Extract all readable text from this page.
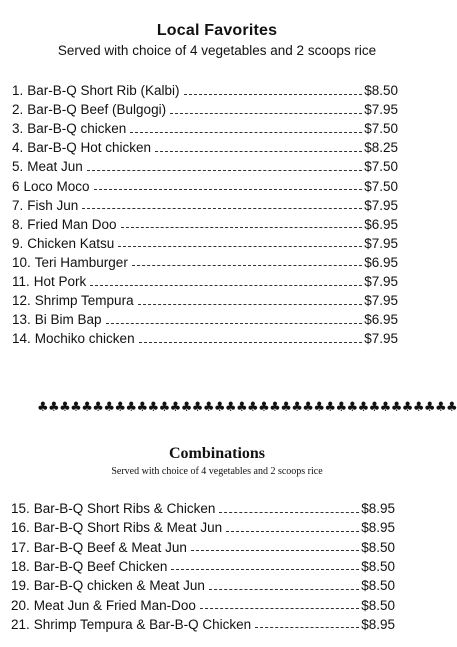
Local Favorites
Served with choice of 4 vegetables and 2 scoops rice
1. Bar-B-Q Short Rib (Kalbi)	$8.50
2. Bar-B-Q Beef (Bulgogi)	$7.95
3. Bar-B-Q chicken	$7.50
4. Bar-B-Q Hot chicken	$8.25
5. Meat Jun	$7.50
6 Loco Moco	$7.50
7. Fish Jun	$7.95
8. Fried Man Doo	$6.95
9. Chicken Katsu	$7.95
10. Teri Hamburger	$6.95
11. Hot Pork	$7.95
12. Shrimp Tempura	$7.95
13. Bi Bim Bap	$6.95
14. Mochiko chicken	$7.95
♣♣♣♣♣♣♣♣♣♣♣♣♣♣♣♣♣♣♣♣♣♣♣♣♣♣♣♣♣♣♣♣♣♣♣♣♣♣
Combinations
Served with choice of 4 vegetables and 2 scoops rice
15. Bar-B-Q Short Ribs & Chicken	$8.95
16. Bar-B-Q Short Ribs & Meat Jun	$8.95
17. Bar-B-Q Beef & Meat Jun	$8.50
18. Bar-B-Q Beef Chicken	$8.50
19. Bar-B-Q chicken & Meat Jun	$8.50
20. Meat Jun & Fried Man-Doo	$8.50
21. Shrimp Tempura & Bar-B-Q Chicken	$8.95
